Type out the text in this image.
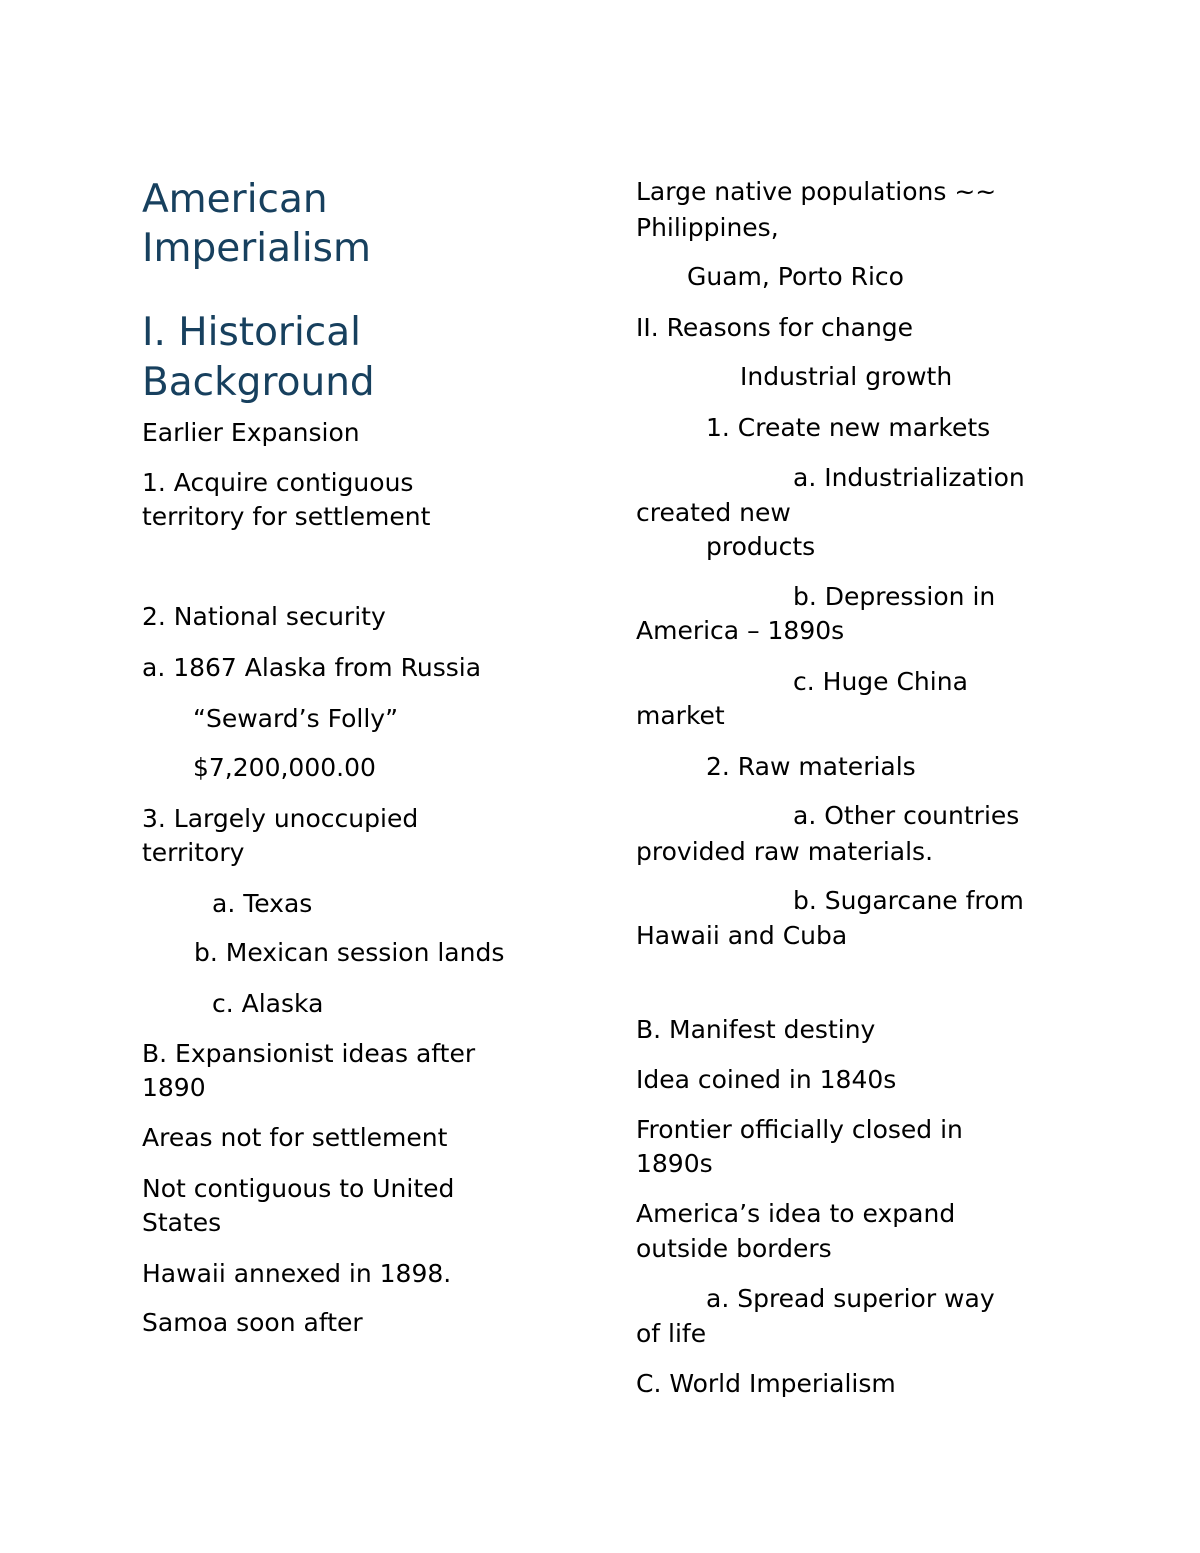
American
Imperialism
I. Historical
Background
Earlier Expansion
1. Acquire contiguous
territory for settlement
2. National security
a. 1867 Alaska from Russia
“Seward’s Folly”
$7,200,000.00
3. Largely unoccupied
territory
a. Texas
b. Mexican session lands
c. Alaska
B. Expansionist ideas after
1890
Areas not for settlement
Not contiguous to United
States
Hawaii annexed in 1898.
Samoa soon after
Large native populations ~~
Philippines,
Guam, Porto Rico
II. Reasons for change
Industrial growth
1. Create new markets
a. Industrialization
created new
products
b. Depression in
America – 1890s
c. Huge China
market
2. Raw materials
a. Other countries
provided raw materials.
b. Sugarcane from
Hawaii and Cuba
B. Manifest destiny
Idea coined in 1840s
Frontier officially closed in
1890s
America’s idea to expand
outside borders
a. Spread superior way
of life
C. World Imperialism
